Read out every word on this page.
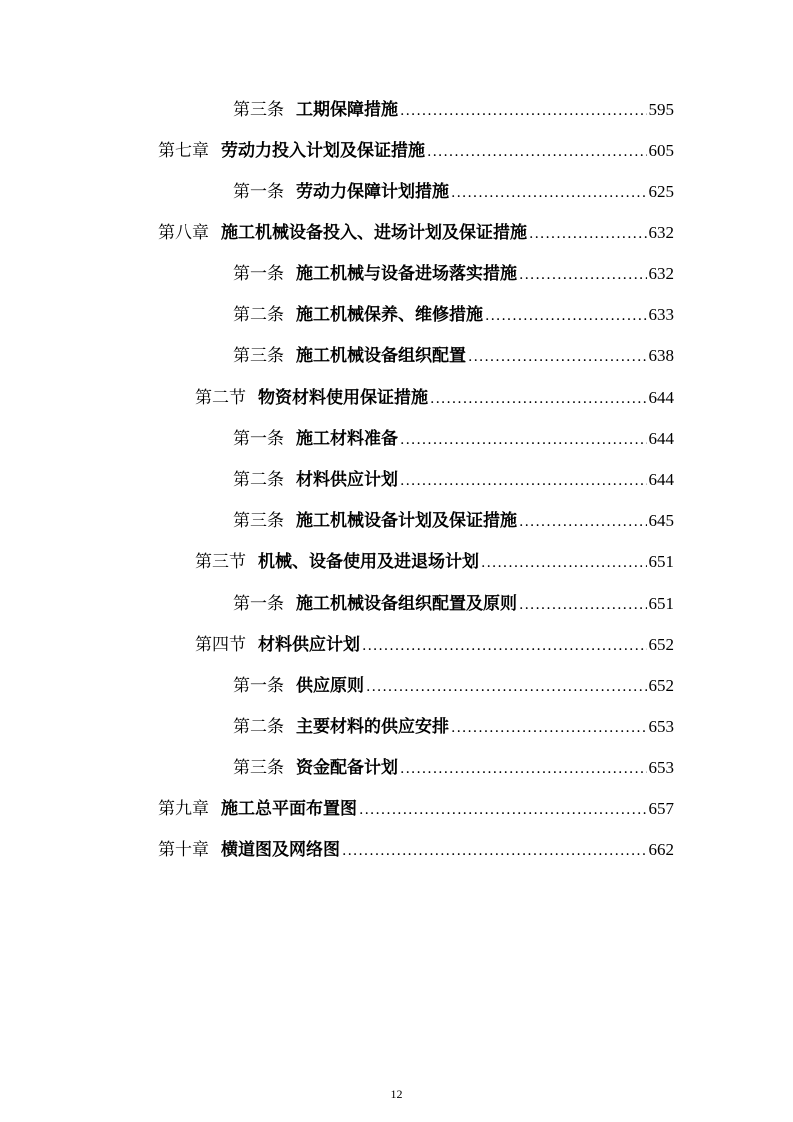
第三条 工期保障措施 .....	595
第七章 劳动力投入计划及保证措施 .....	605
第一条 劳动力保障计划措施 .....	625
第八章 施工机械设备投入、进场计划及保证措施 .....	632
第一条 施工机械与设备进场落实措施 .....	632
第二条 施工机械保养、维修措施 .....	633
第三条 施工机械设备组织配置 .....	638
第二节 物资材料使用保证措施 .....	644
第一条 施工材料准备 .....	644
第二条 材料供应计划 .....	644
第三条 施工机械设备计划及保证措施 .....	645
第三节 机械、设备使用及进退场计划 .....	651
第一条 施工机械设备组织配置及原则 .....	651
第四节 材料供应计划 .....	652
第一条 供应原则 .....	652
第二条 主要材料的供应安排 .....	653
第三条 资金配备计划 .....	653
第九章 施工总平面布置图 .....	657
第十章 横道图及网络图 .....	662
12
